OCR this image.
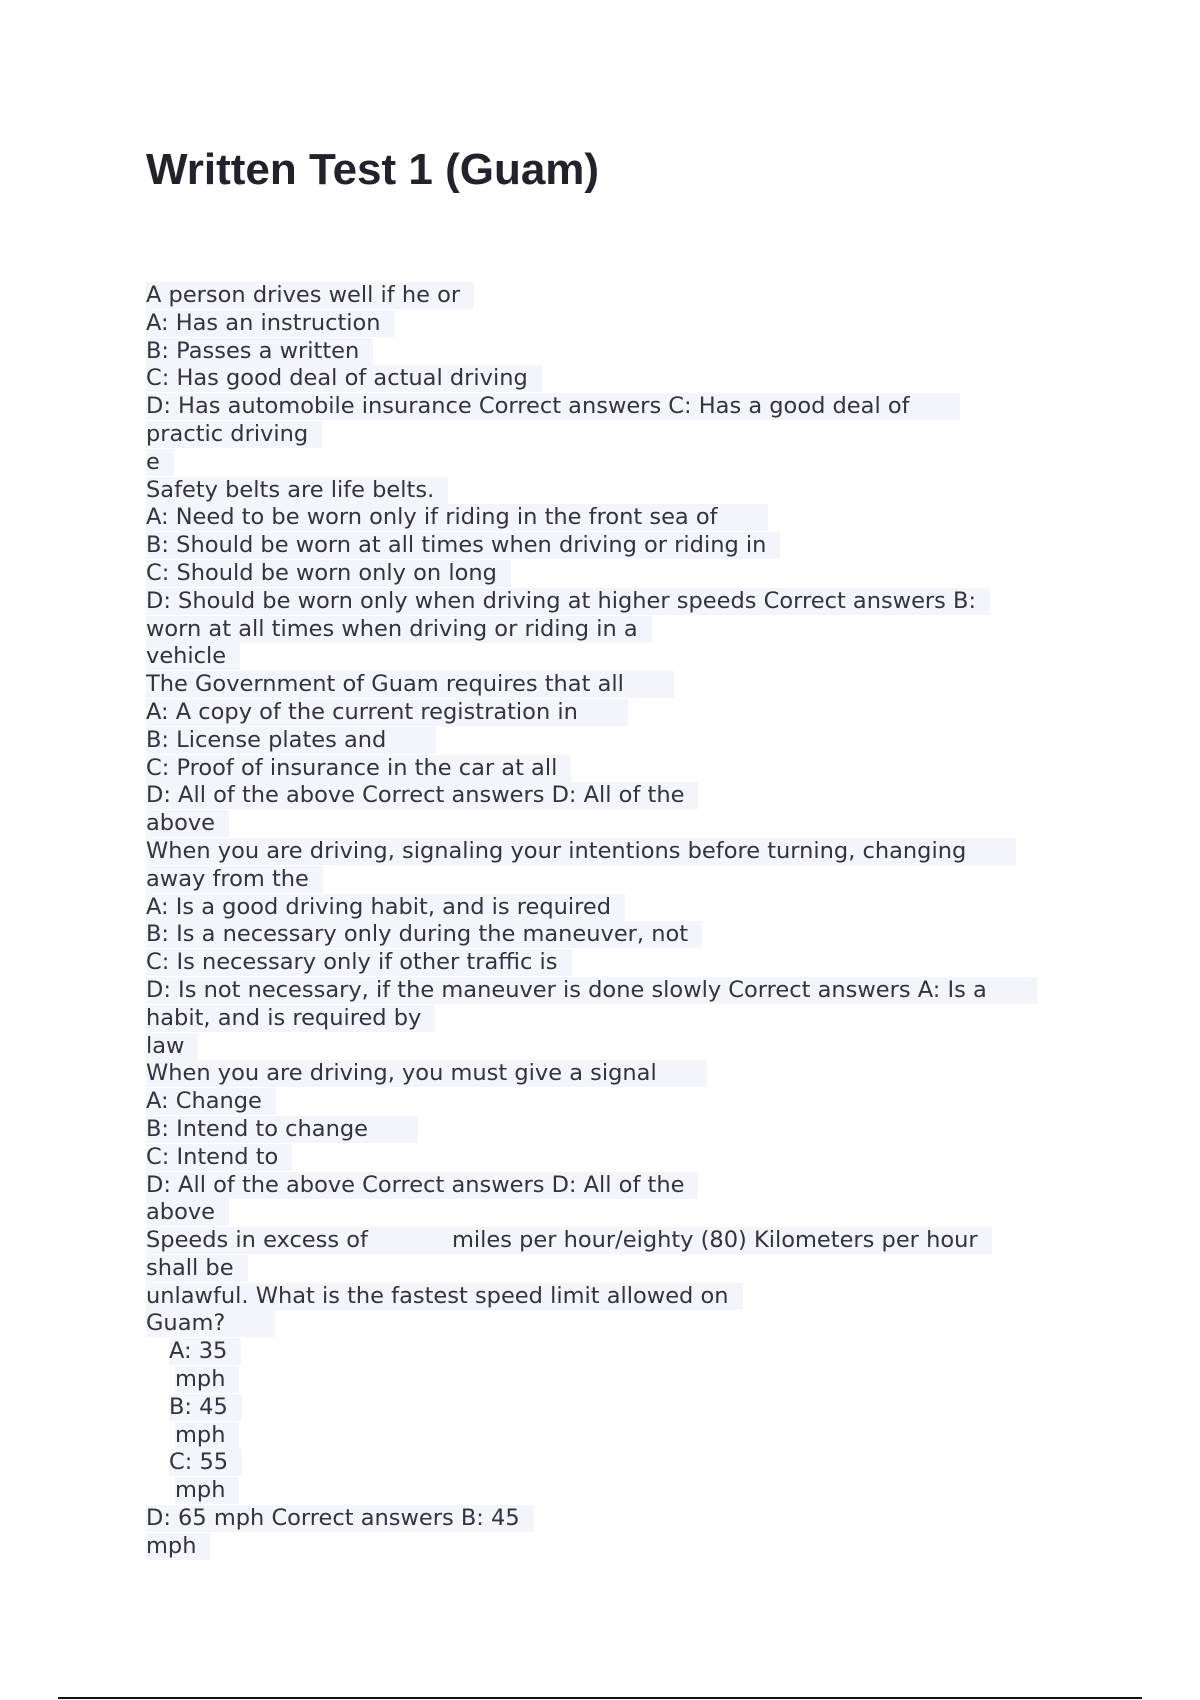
Written Test 1 (Guam)
A person drives well if he or
A: Has an instruction
B: Passes a written
C: Has good deal of actual driving
D: Has automobile insurance Correct answers C: Has a good deal of
practic driving
e
Safety belts are life belts.
A: Need to be worn only if riding in the front sea of
B: Should be worn at all times when driving or riding in
C: Should be worn only on long
D: Should be worn only when driving at higher speeds Correct answers B:
worn at all times when driving or riding in a
vehicle
The Government of Guam requires that all
A: A copy of the current registration in
B: License plates and
C: Proof of insurance in the car at all
D: All of the above Correct answers D: All of the
above
When you are driving, signaling your intentions before turning, changing
away from the
A: Is a good driving habit, and is required
B: Is a necessary only during the maneuver, not
C: Is necessary only if other traffic is
D: Is not necessary, if the maneuver is done slowly Correct answers A: Is a
habit, and is required by
law
When you are driving, you must give a signal
A: Change
B: Intend to change
C: Intend to
D: All of the above Correct answers D: All of the
above
Speeds in excess of	miles per hour/eighty (80) Kilometers per hour
shall be
unlawful. What is the fastest speed limit allowed on
Guam?
A: 35
mph
B: 45
mph
C: 55
mph
D: 65 mph Correct answers B: 45
mph
